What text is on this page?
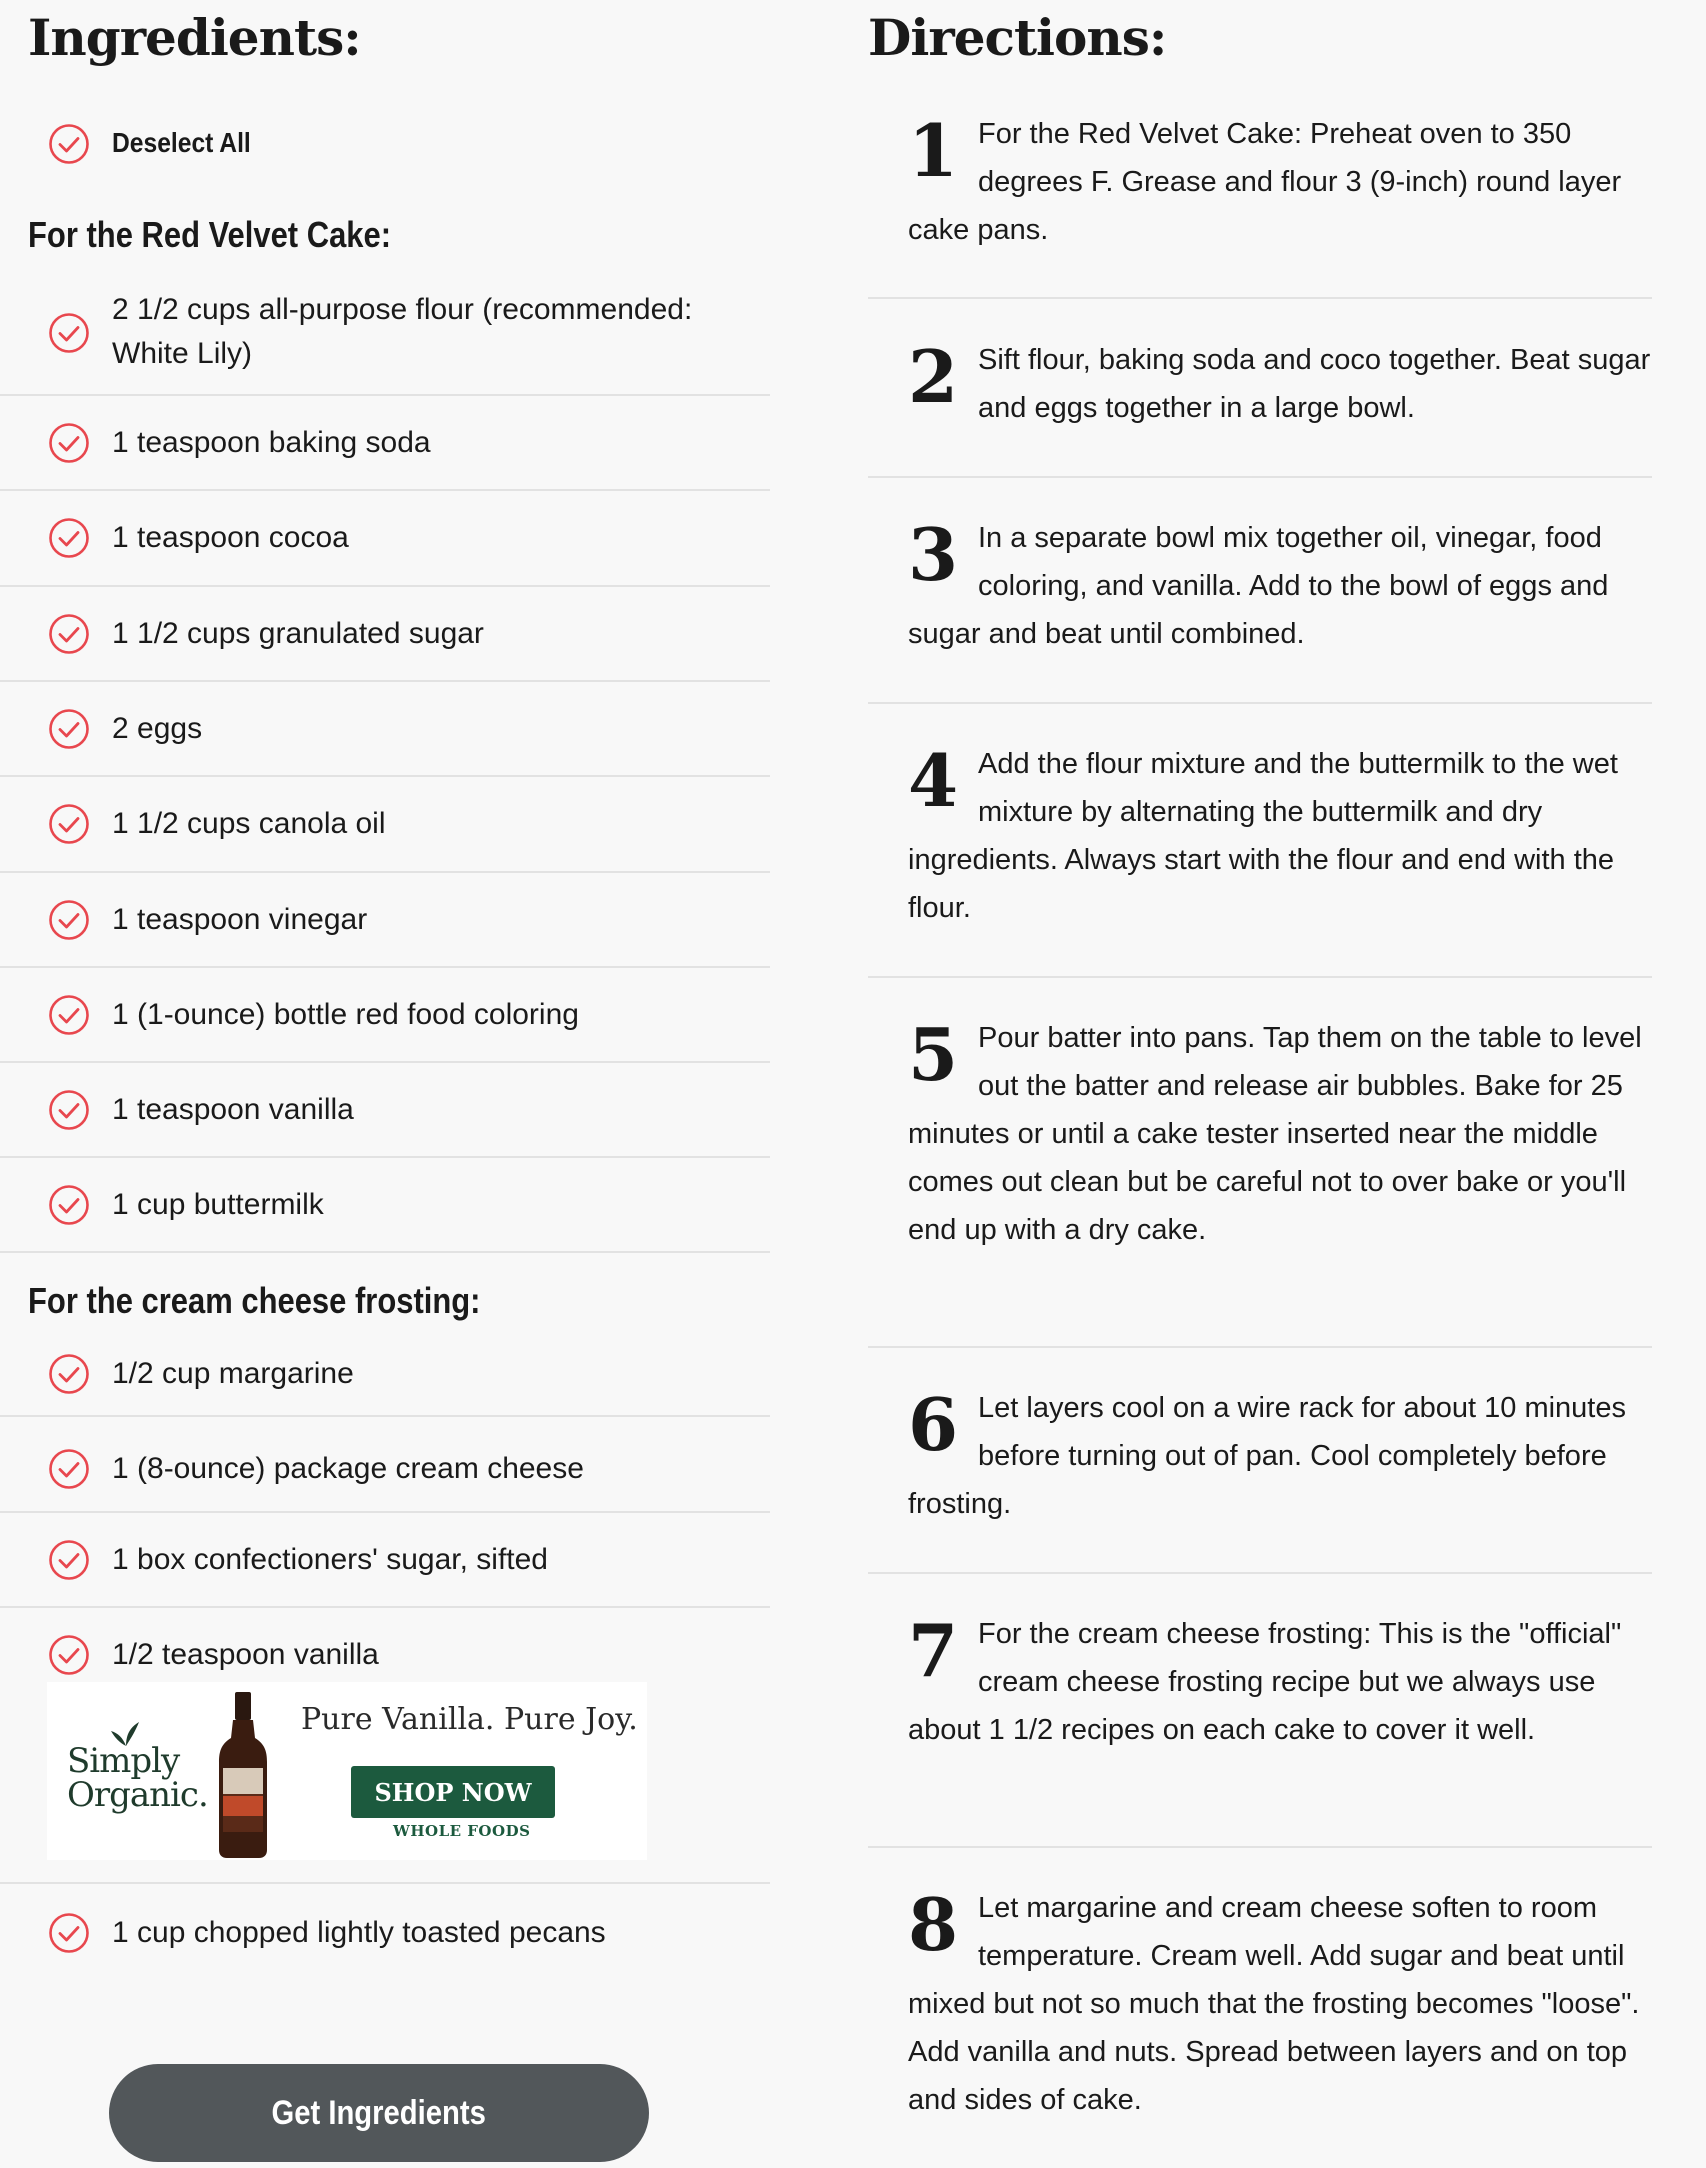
Ingredients:
Deselect All
For the Red Velvet Cake:
2 1/2 cups all-purpose flour (recommended: White Lily)
1 teaspoon baking soda
1 teaspoon cocoa
1 1/2 cups granulated sugar
2 eggs
1 1/2 cups canola oil
1 teaspoon vinegar
1 (1-ounce) bottle red food coloring
1 teaspoon vanilla
1 cup buttermilk
For the cream cheese frosting:
1/2 cup margarine
1 (8-ounce) package cream cheese
1 box confectioners' sugar, sifted
1/2 teaspoon vanilla
Simply
Organic.
Pure Vanilla. Pure Joy.
SHOP NOW
WHOLE FOODS
1 cup chopped lightly toasted pecans
Get Ingredients
Directions:

1 For the Red Velvet Cake: Preheat oven to 350 degrees F. Grease and flour 3 (9-inch) round layer cake pans.

2 Sift flour, baking soda and coco together. Beat sugar and eggs together in a large bowl.

3 In a separate bowl mix together oil, vinegar, food coloring, and vanilla. Add to the bowl of eggs and sugar and beat until combined.

4 Add the flour mixture and the buttermilk to the wet mixture by alternating the buttermilk and dry ingredients. Always start with the flour and end with the flour.

5 Pour batter into pans. Tap them on the table to level out the batter and release air bubbles. Bake for 25 minutes or until a cake tester inserted near the middle comes out clean but be careful not to over bake or you'll end up with a dry cake.

6 Let layers cool on a wire rack for about 10 minutes before turning out of pan. Cool completely before frosting.

7 For the cream cheese frosting: This is the "official" cream cheese frosting recipe but we always use about 1 1/2 recipes on each cake to cover it well.

8 Let margarine and cream cheese soften to room temperature. Cream well. Add sugar and beat until mixed but not so much that the frosting becomes "loose". Add vanilla and nuts. Spread between layers and on top and sides of cake.
